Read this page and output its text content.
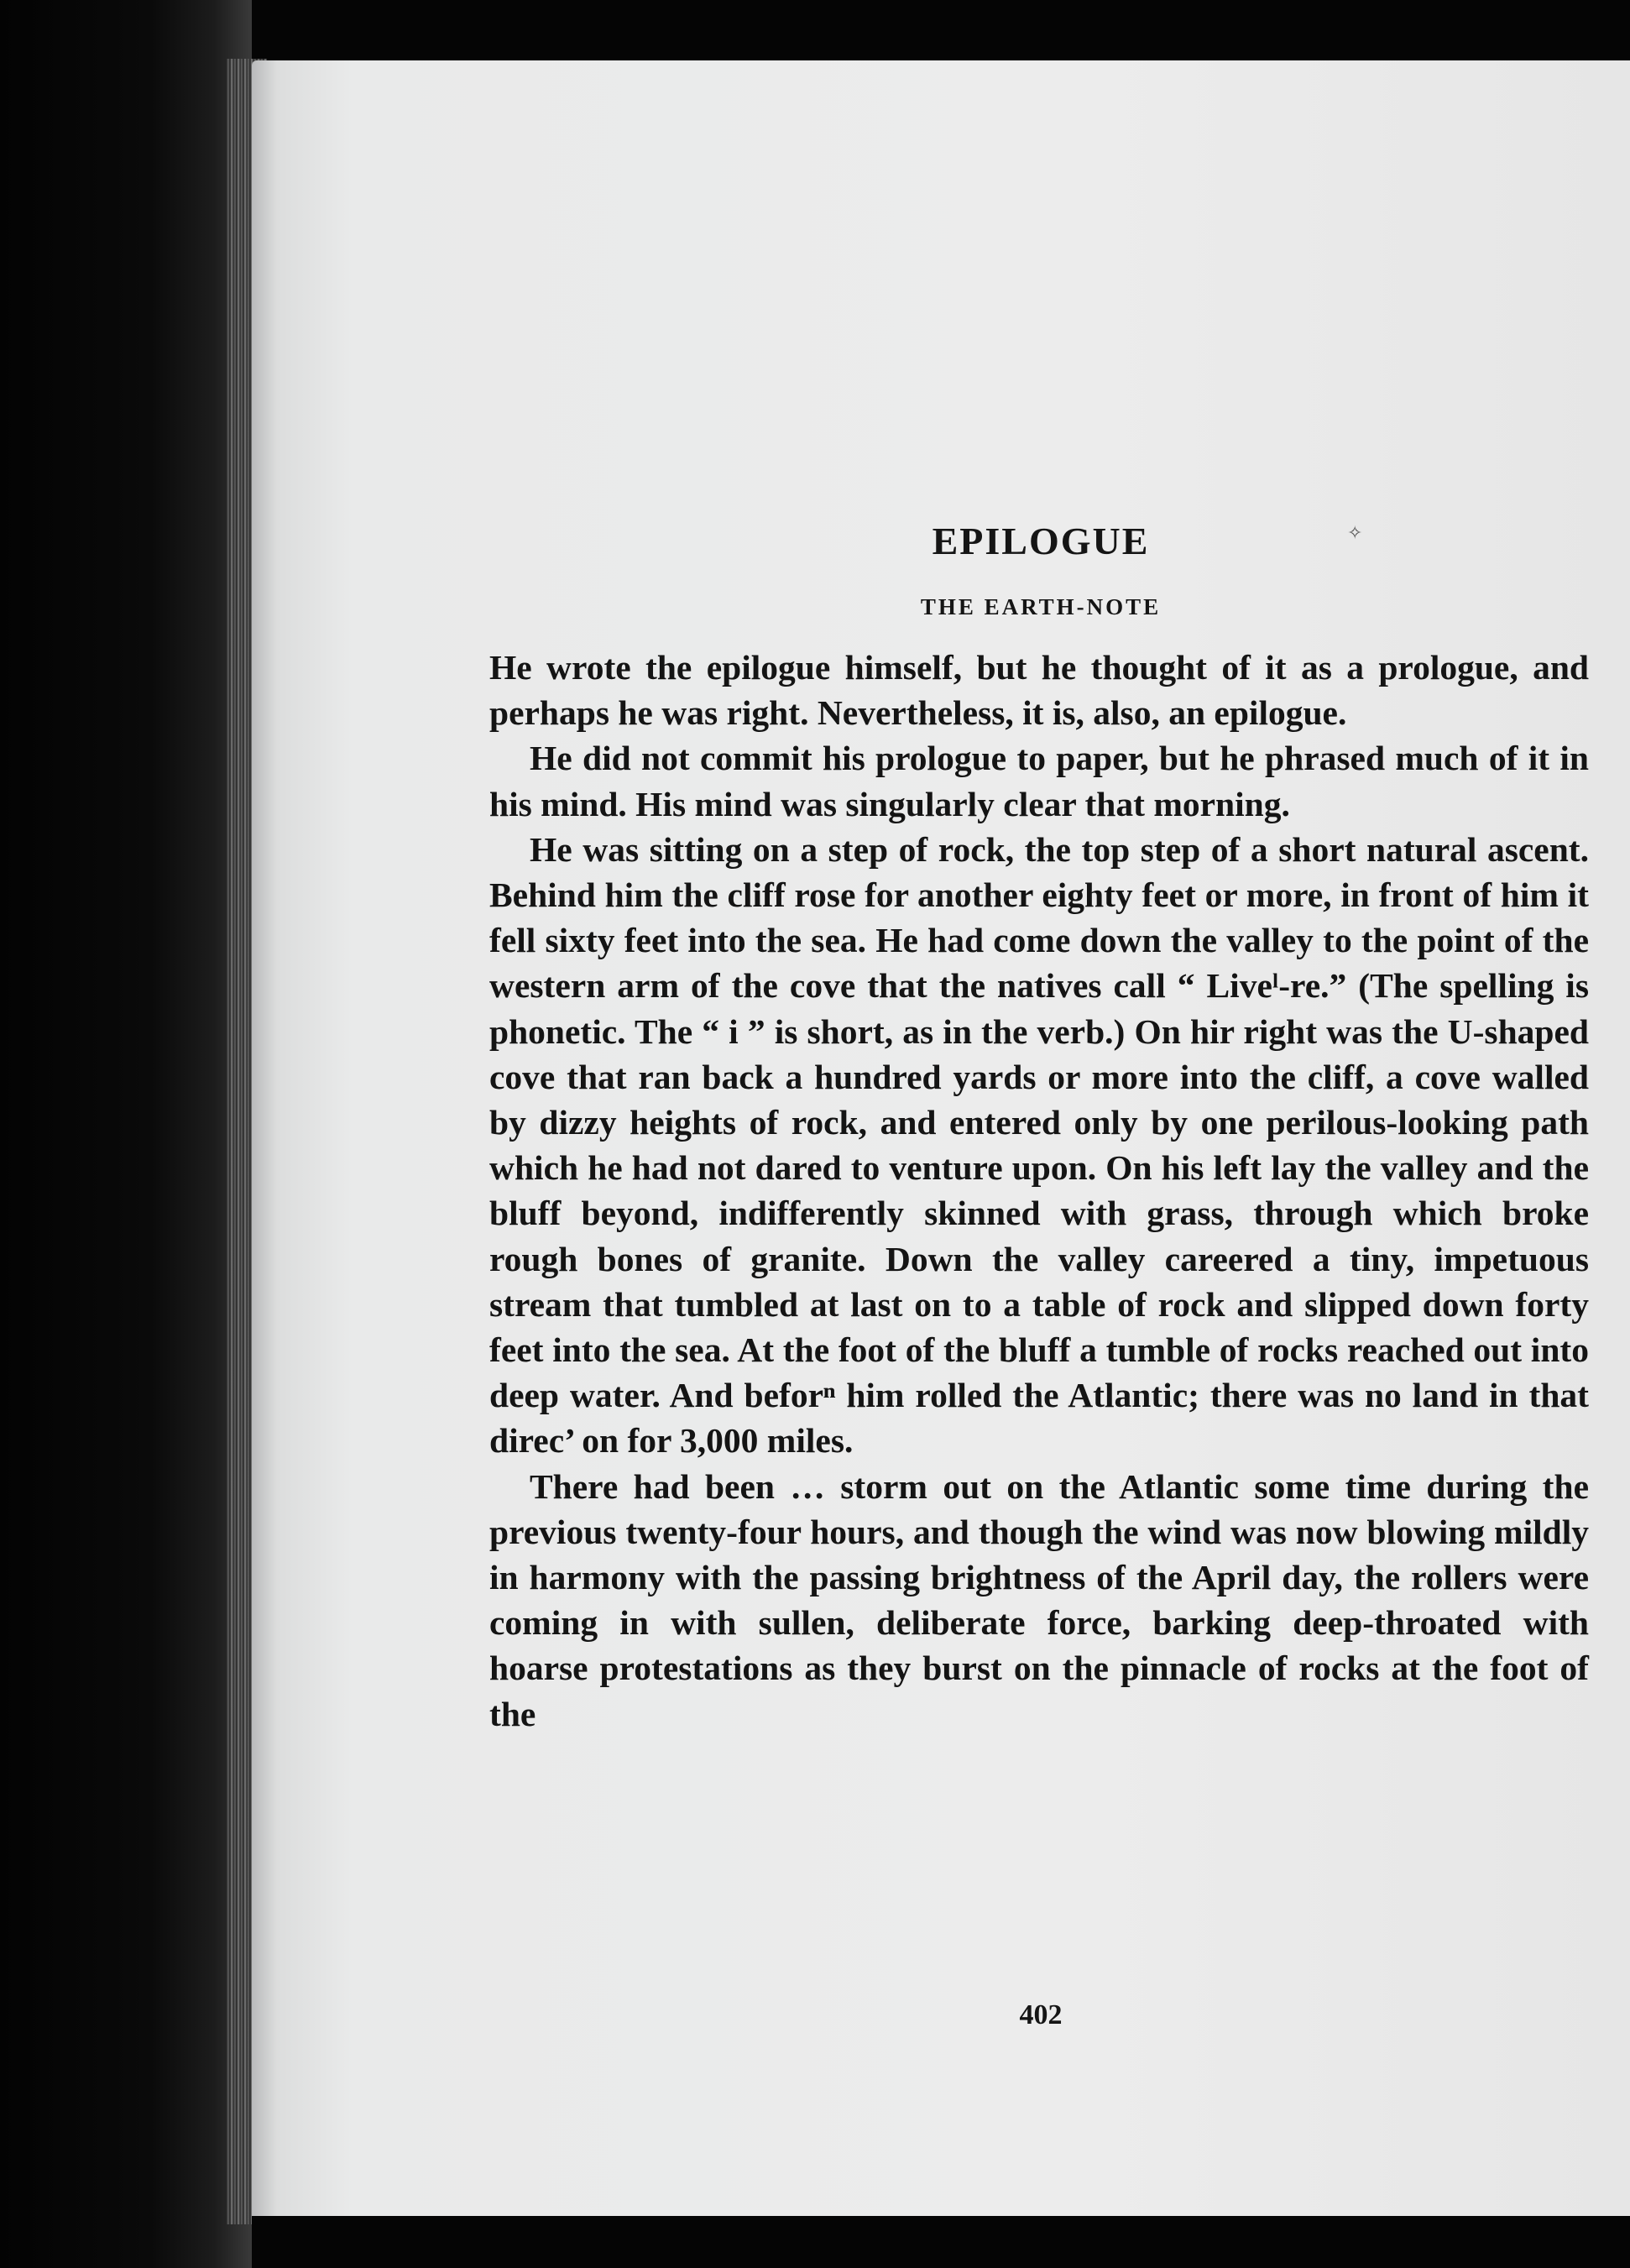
✧
EPILOGUE
THE EARTH-NOTE

He wrote the epilogue himself, but he thought of it as a prologue, and perhaps he was right. Nevertheless, it is, also, an epilogue.

He did not commit his prologue to paper, but he phrased much of it in his mind. His mind was singularly clear that morning.

He was sitting on a step of rock, the top step of a short natural ascent. Behind him the cliff rose for another eighty feet or more, in front of him it fell sixty feet into the sea. He had come down the valley to the point of the western arm of the cove that the natives call “ Liveˡ-re.” (The spelling is phonetic. The “ i ” is short, as in the verb.) On hir right was the U-shaped cove that ran back a hundred yards or more into the cliff, a cove walled by dizzy heights of rock, and entered only by one perilous-looking path which he had not dared to venture upon. On his left lay the valley and the bluff beyond, indifferently skinned with grass, through which broke rough bones of granite. Down the valley careered a tiny, impetuous stream that tumbled at last on to a table of rock and slipped down forty feet into the sea. At the foot of the bluff a tumble of rocks reached out into deep water. And beforⁿ him rolled the Atlantic; there was no land in that direc’ on for 3,000 miles.

There had been … storm out on the Atlantic some time during the previous twenty-four hours, and though the wind was now blowing mildly in harmony with the passing brightness of the April day, the rollers were coming in with sullen, deliberate force, barking deep-throated with hoarse protestations as they burst on the pinnacle of rocks at the foot of the

402
